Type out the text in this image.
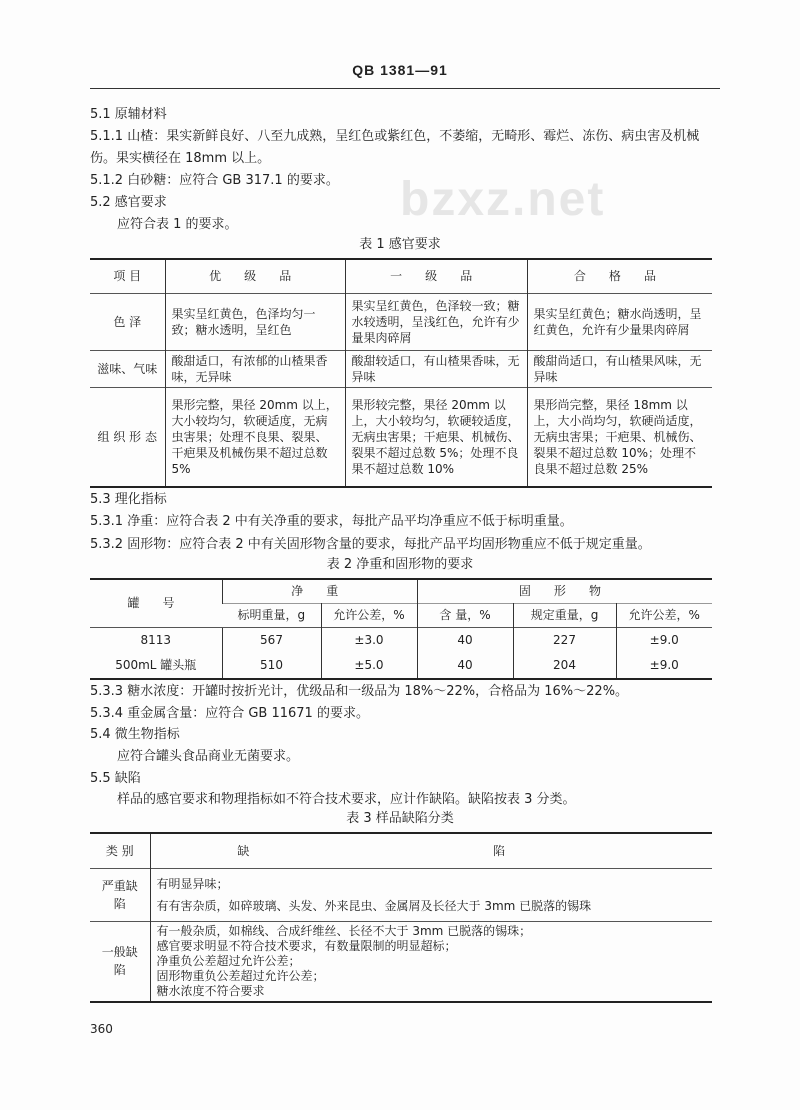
bzxz.net
QB 1381—91
5.1 原辅材料
5.1.1 山楂：果实新鲜良好、八至九成熟，呈红色或紫红色，不萎缩，无畸形、霉烂、冻伤、病虫害及机械
伤。果实横径在 18mm 以上。
5.1.2 白砂糖：应符合 GB 317.1 的要求。
5.2 感官要求
应符合表 1 的要求。
表 1 感官要求
项 目	优 级 品	一 级 品	合 格 品
色 泽	果实呈红黄色，色泽均匀一致；糖水透明，呈红色	果实呈红黄色，色泽较一致；糖水较透明，呈浅红色，允许有少量果肉碎屑	果实呈红黄色；糖水尚透明，呈红黄色，允许有少量果肉碎屑
滋味、气味	酸甜适口，有浓郁的山楂果香味，无异味	酸甜较适口，有山楂果香味，无异味	酸甜尚适口，有山楂果风味，无异味
组 织 形 态	果形完整，果径 20mm 以上，大小较均匀，软硬适度，无病虫害果；处理不良果、裂果、干疤果及机械伤果不超过总数 5%	果形较完整，果径 20mm 以上，大小较均匀，软硬较适度，无病虫害果；干疤果、机械伤、裂果不超过总数 5%；处理不良果不超过总数 10%	果形尚完整，果径 18mm 以上，大小尚均匀，软硬尚适度，无病虫害果；干疤果、机械伤、裂果不超过总数 10%；处理不良果不超过总数 25%
5.3 理化指标
5.3.1 净重：应符合表 2 中有关净重的要求，每批产品平均净重应不低于标明重量。
5.3.2 固形物：应符合表 2 中有关固形物含量的要求，每批产品平均固形物重应不低于规定重量。
表 2 净重和固形物的要求
罐 号	净 重		固 形 物		
	标明重量，g	允许公差，%	含 量，%	规定重量，g	允许公差，%
8113	567	±3.0	40	227	±9.0
500mL 罐头瓶	510	±5.0	40	204	±9.0
5.3.3 糖水浓度：开罐时按折光计，优级品和一级品为 18%～22%，合格品为 16%～22%。
5.3.4 重金属含量：应符合 GB 11671 的要求。
5.4 微生物指标
应符合罐头食品商业无菌要求。
5.5 缺陷
样品的感官要求和物理指标如不符合技术要求，应计作缺陷。缺陷按表 3 分类。
表 3 样品缺陷分类
类 别	缺 陷
严重缺陷	有明显异味；
有有害杂质，如碎玻璃、头发、外来昆虫、金属屑及长径大于 3mm 已脱落的锡珠

一般缺陷	有一般杂质，如棉线、合成纤维丝、长径不大于 3mm 已脱落的锡珠；
感官要求明显不符合技术要求，有数量限制的明显超标；
净重负公差超过允许公差；
固形物重负公差超过允许公差；
糖水浓度不符合要求
360
